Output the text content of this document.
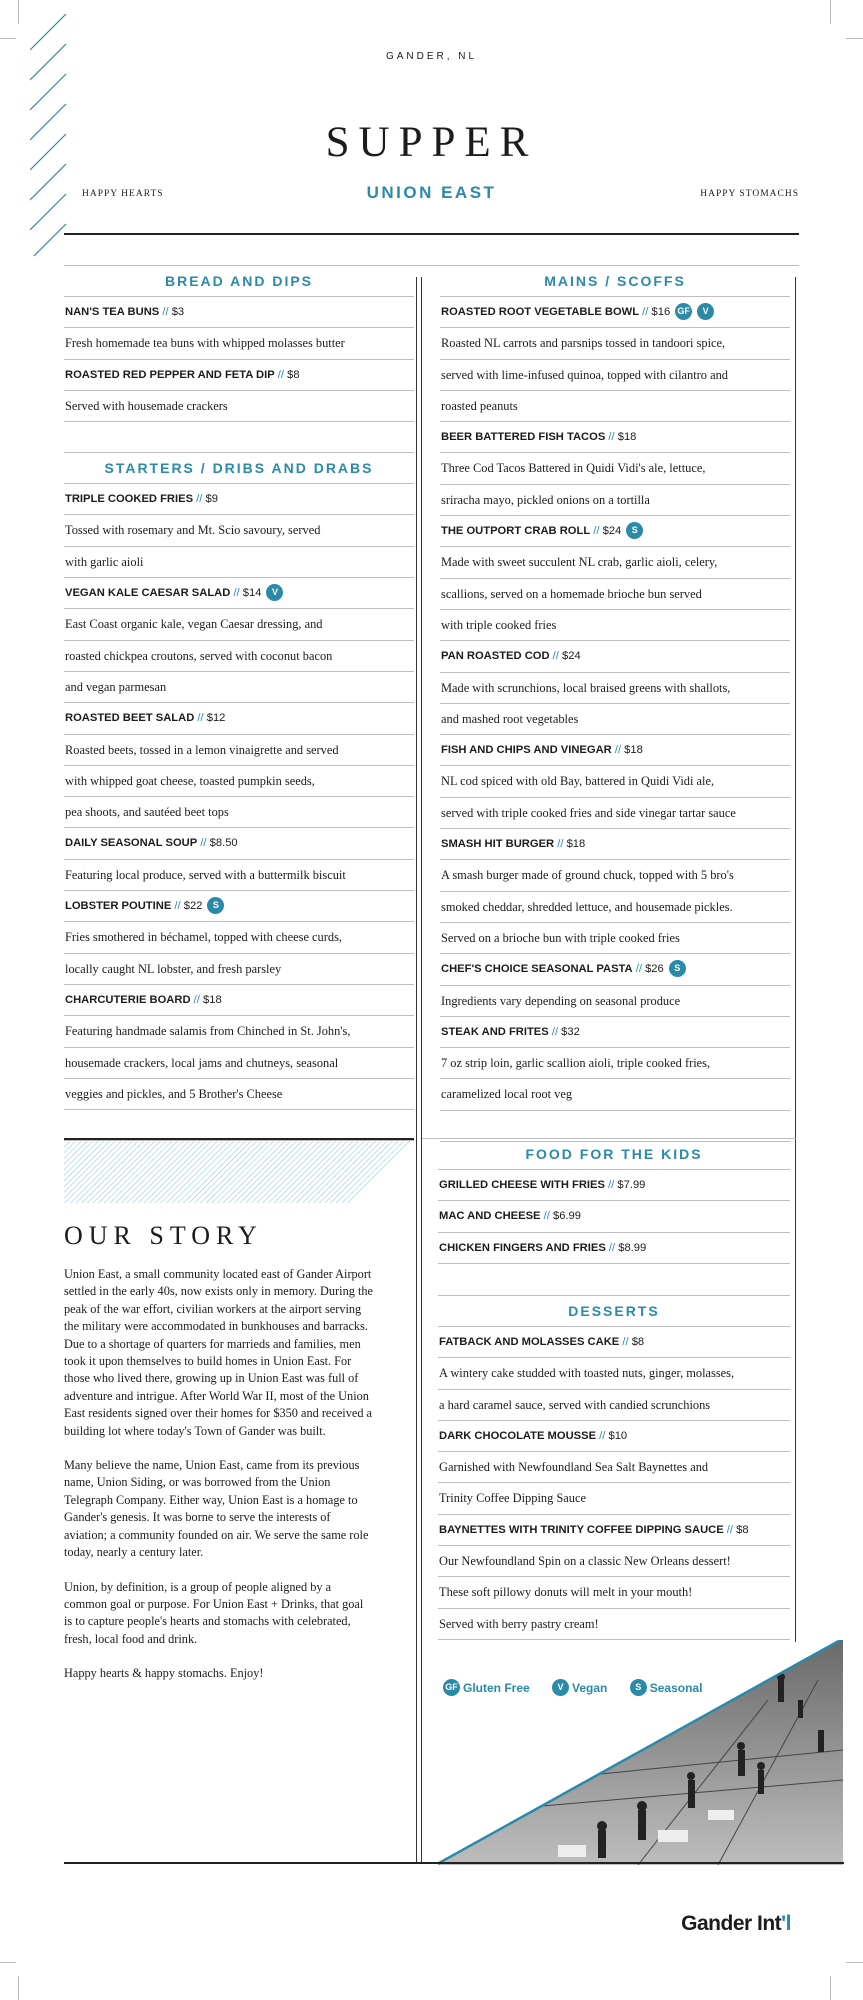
GANDER, NL
SUPPER
UNION EAST
HAPPY HEARTS	HAPPY STOMACHS
BREAD AND DIPS
NAN'S TEA BUNS // $3
Fresh homemade tea buns with whipped molasses butter
ROASTED RED PEPPER AND FETA DIP // $8
Served with housemade crackers
STARTERS / DRIBS AND DRABS
TRIPLE COOKED FRIES // $9
Tossed with rosemary and Mt. Scio savoury, served
with garlic aioli
VEGAN KALE CAESAR SALAD // $14 V
East Coast organic kale, vegan Caesar dressing, and
roasted chickpea croutons, served with coconut bacon
and vegan parmesan
ROASTED BEET SALAD // $12
Roasted beets, tossed in a lemon vinaigrette and served
with whipped goat cheese, toasted pumpkin seeds,
pea shoots, and sautéed beet tops
DAILY SEASONAL SOUP // $8.50
Featuring local produce, served with a buttermilk biscuit
LOBSTER POUTINE // $22 S
Fries smothered in béchamel, topped with cheese curds,
locally caught NL lobster, and fresh parsley
CHARCUTERIE BOARD // $18
Featuring handmade salamis from Chinched in St. John's,
housemade crackers, local jams and chutneys, seasonal
veggies and pickles, and 5 Brother's Cheese
MAINS / SCOFFS
ROASTED ROOT VEGETABLE BOWL // $16 GF V
Roasted NL carrots and parsnips tossed in tandoori spice,
served with lime-infused quinoa, topped with cilantro and
roasted peanuts
BEER BATTERED FISH TACOS // $18
Three Cod Tacos Battered in Quidi Vidi's ale, lettuce,
sriracha mayo, pickled onions on a tortilla
THE OUTPORT CRAB ROLL // $24 S
Made with sweet succulent NL crab, garlic aioli, celery,
scallions, served on a homemade brioche bun served
with triple cooked fries
PAN ROASTED COD // $24
Made with scrunchions, local braised greens with shallots,
and mashed root vegetables
FISH AND CHIPS AND VINEGAR // $18
NL cod spiced with old Bay, battered in Quidi Vidi ale,
served with triple cooked fries and side vinegar tartar sauce
SMASH HIT BURGER // $18
A smash burger made of ground chuck, topped with 5 bro's
smoked cheddar, shredded lettuce, and housemade pickles.
Served on a brioche bun with triple cooked fries
CHEF'S CHOICE SEASONAL PASTA // $26 S
Ingredients vary depending on seasonal produce
STEAK AND FRITES // $32
7 oz strip loin, garlic scallion aioli, triple cooked fries,
caramelized local root veg
FOOD FOR THE KIDS
GRILLED CHEESE WITH FRIES // $7.99
MAC AND CHEESE // $6.99
CHICKEN FINGERS AND FRIES // $8.99
DESSERTS
FATBACK AND MOLASSES CAKE // $8
A wintery cake studded with toasted nuts, ginger, molasses,
a hard caramel sauce, served with candied scrunchions
DARK CHOCOLATE MOUSSE // $10
Garnished with Newfoundland Sea Salt Baynettes and
Trinity Coffee Dipping Sauce
BAYNETTES WITH TRINITY COFFEE DIPPING SAUCE // $8
Our Newfoundland Spin on a classic New Orleans dessert!
These soft pillowy donuts will melt in your mouth!
Served with berry pastry cream!
OUR STORY

Union East, a small community located east of Gander Airport settled in the early 40s, now exists only in memory. During the peak of the war effort, civilian workers at the airport serving the military were accommodated in bunkhouses and barracks. Due to a shortage of quarters for marrieds and families, men took it upon themselves to build homes in Union East. For those who lived there, growing up in Union East was full of adventure and intrigue. After World War II, most of the Union East residents signed over their homes for $350 and received a building lot where today's Town of Gander was built.

Many believe the name, Union East, came from its previous name, Union Siding, or was borrowed from the Union Telegraph Company. Either way, Union East is a homage to Gander's genesis. It was borne to serve the interests of aviation; a community founded on air. We serve the same role today, nearly a century later.

Union, by definition, is a group of people aligned by a common goal or purpose. For Union East + Drinks, that goal is to capture people's hearts and stomachs with celebrated, fresh, local food and drink.

Happy hearts & happy stomachs. Enjoy!

GF Gluten Free	V Vegan	S Seasonal
Gander Int'l
